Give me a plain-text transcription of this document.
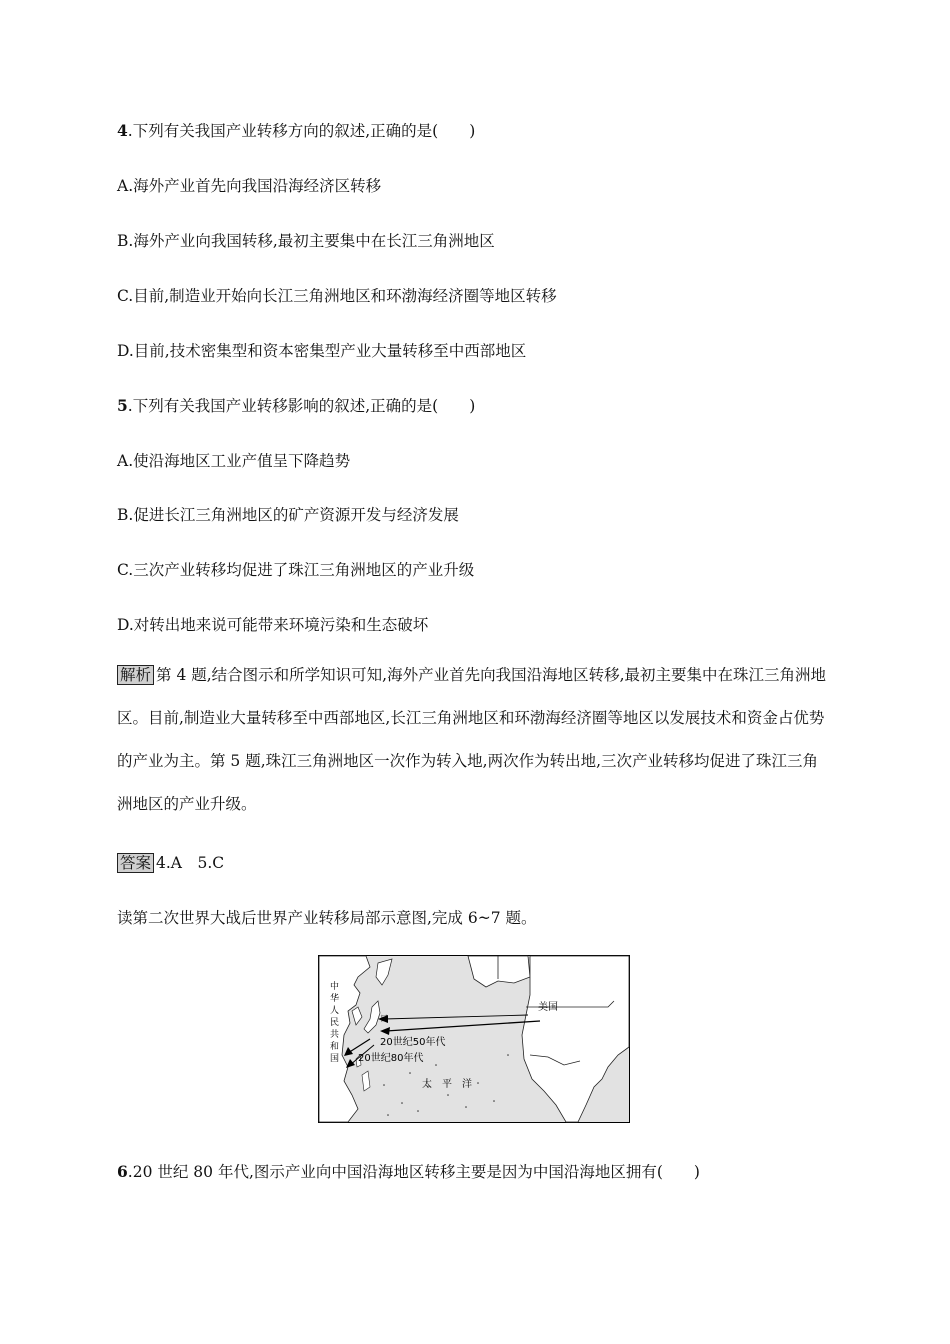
4.下列有关我国产业转移方向的叙述,正确的是(　　)
A.海外产业首先向我国沿海经济区转移
B.海外产业向我国转移,最初主要集中在长江三角洲地区
C.目前,制造业开始向长江三角洲地区和环渤海经济圈等地区转移
D.目前,技术密集型和资本密集型产业大量转移至中西部地区
5.下列有关我国产业转移影响的叙述,正确的是(　　)
A.使沿海地区工业产值呈下降趋势
B.促进长江三角洲地区的矿产资源开发与经济发展
C.三次产业转移均促进了珠江三角洲地区的产业升级
D.对转出地来说可能带来环境污染和生态破坏
解析 第 4 题,结合图示和所学知识可知,海外产业首先向我国沿海地区转移,最初主要集中在珠江三角洲地区。目前,制造业大量转移至中西部地区,长江三角洲地区和环渤海经济圈等地区以发展技术和资金占优势的产业为主。第 5 题,珠江三角洲地区一次作为转入地,两次作为转出地,三次产业转移均促进了珠江三角洲地区的产业升级。
答案 4.A　5.C
读第二次世界大战后世界产业转移局部示意图,完成 6~7 题。
美国
20世纪50年代
20世纪80年代
太　平　洋
日
中
华
人
民
共
和
国
6.20 世纪 80 年代,图示产业向中国沿海地区转移主要是因为中国沿海地区拥有(　　)
